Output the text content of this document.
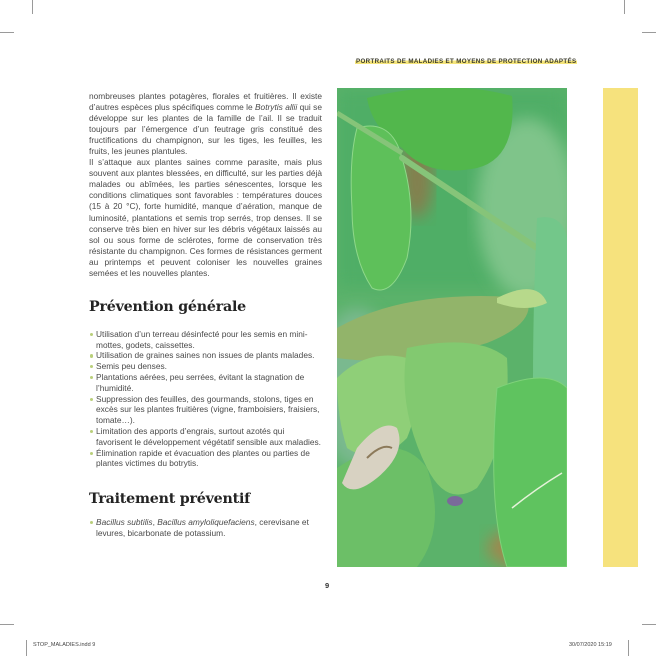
PORTRAITS DE MALADIES ET MOYENS DE PROTECTION ADAPTÉS

nombreuses plantes potagères, florales et fruitières. Il existe d’autres espèces plus spécifiques comme le Botrytis allii qui se développe sur les plantes de la famille de l’ail. Il se traduit toujours par l’émergence d’un feutrage gris constitué des fructifications du champignon, sur les tiges, les feuilles, les fruits, les jeunes plantules.

Il s’attaque aux plantes saines comme parasite, mais plus souvent aux plantes blessées, en difficulté, sur les parties déjà malades ou abîmées, les parties sénescentes, lorsque les conditions climatiques sont favorables : températures douces (15 à 20 °C), forte humidité, manque d’aération, manque de luminosité, plantations et semis trop serrés, trop denses. Il se conserve très bien en hiver sur les débris végétaux laissés au sol ou sous forme de sclérotes, forme de conservation très résistante du champignon. Ces formes de résistances germent au printemps et peuvent coloniser les nouvelles graines semées et les nouvelles plantes.

Prévention générale
Utilisation d’un terreau désinfecté pour les semis en mini-mottes, godets, caissettes.
Utilisation de graines saines non issues de plants malades.
Semis peu denses.
Plantations aérées, peu serrées, évitant la stagnation de l’humidité.
Suppression des feuilles, des gourmands, stolons, tiges en excès sur les plantes fruitières (vigne, framboisiers, fraisiers, tomate…).
Limitation des apports d’engrais, surtout azotés qui favorisent le développement végétatif sensible aux maladies.
Élimination rapide et évacuation des plantes ou parties de plantes victimes du botrytis.
Traitement préventif
Bacillus subtilis, Bacillus amyloliquefaciens, cerevisane et levures, bicarbonate de potassium.
9
STOP_MALADIES.indd 9	30/07/2020 15:19
